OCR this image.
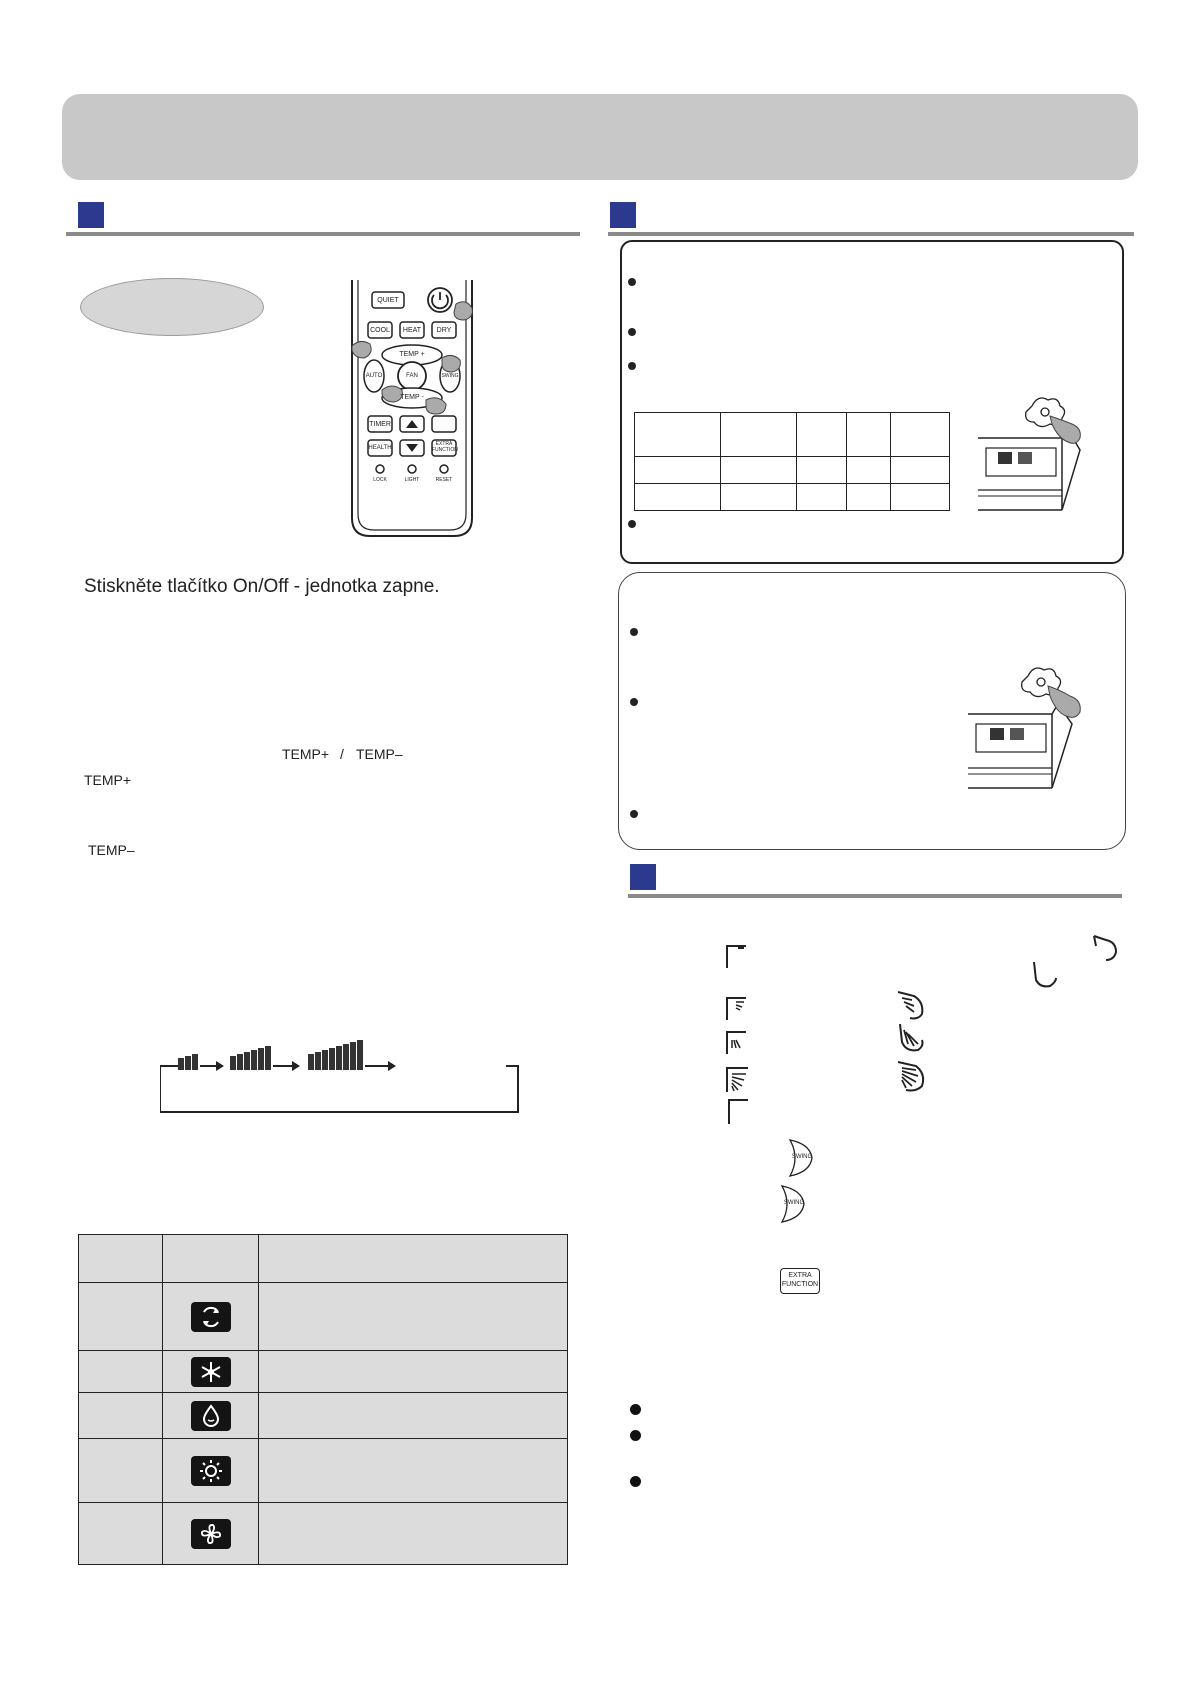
QUIET
COOL	HEAT	DRY
TEMP +
AUTO	FAN	SWING
TEMP -
TIMER
HEALTH
EXTRA FUNCTION
LOCK	LIGHT	RESET
Stiskněte tlačítko On/Off - jednotka zapne.
TEMP+ / TEMP–
TEMP+
TEMP–

SWING
SWING
EXTRA FUNCTION
